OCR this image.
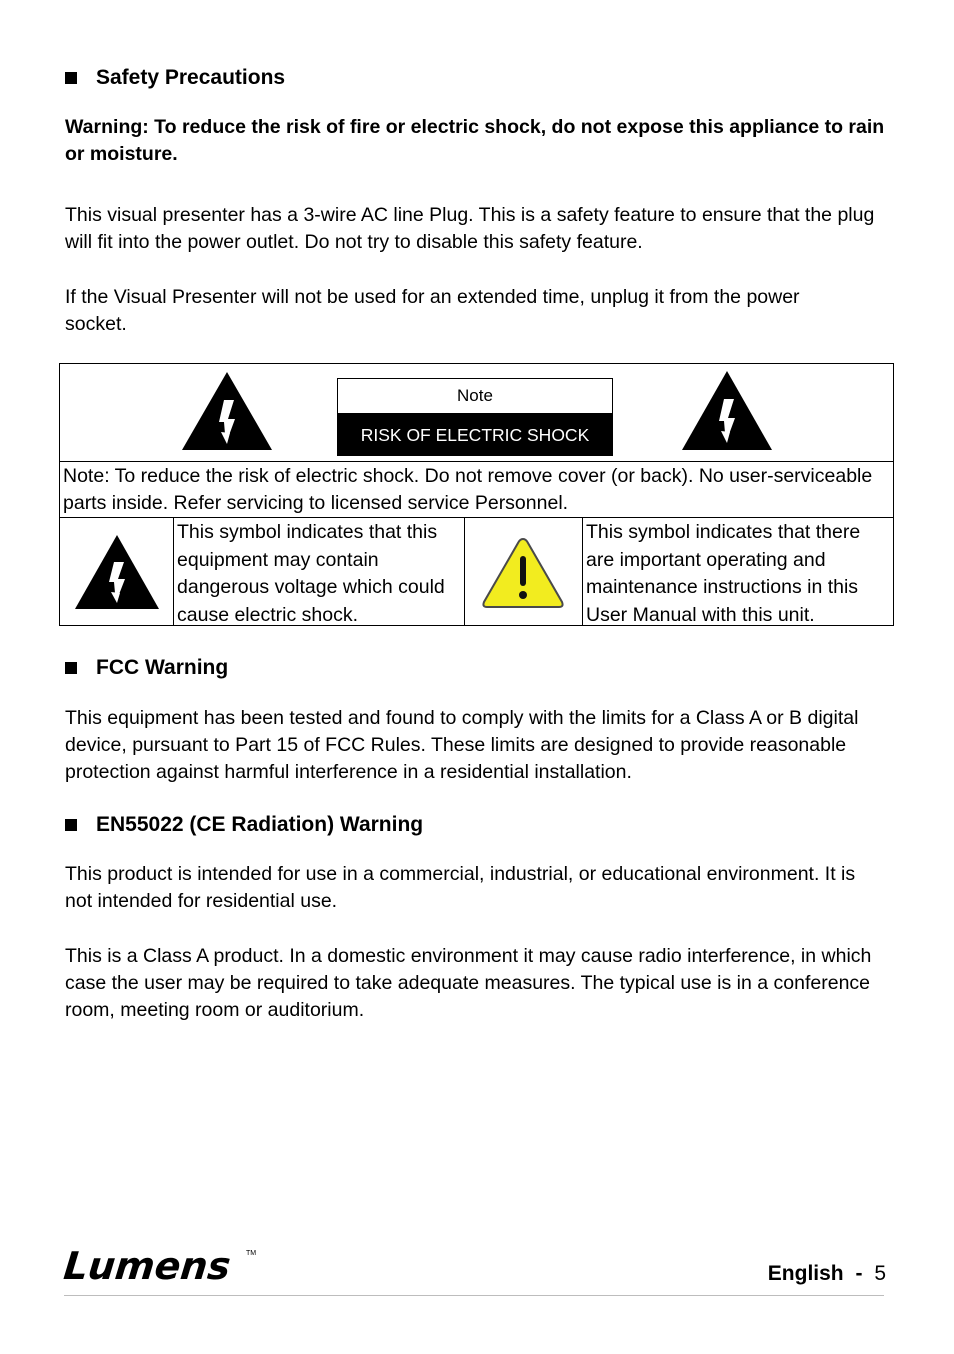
Safety Precautions
Warning: To reduce the risk of fire or electric shock, do not expose this appliance to rain or moisture.
This visual presenter has a 3-wire AC line Plug. This is a safety feature to ensure that the plug will fit into the power outlet. Do not try to disable this safety feature.
If the Visual Presenter will not be used for an extended time, unplug it from the power socket.
Note
RISK OF ELECTRIC SHOCK
Note: To reduce the risk of electric shock. Do not remove cover (or back). No user-serviceable parts inside. Refer servicing to licensed service Personnel.
This symbol indicates that this equipment may contain dangerous voltage which could cause electric shock.
This symbol indicates that there are important operating and maintenance instructions in this User Manual with this unit.
FCC Warning
This equipment has been tested and found to comply with the limits for a Class A or B digital device, pursuant to Part 15 of FCC Rules. These limits are designed to provide reasonable protection against harmful interference in a residential installation.
EN55022 (CE Radiation) Warning
This product is intended for use in a commercial, industrial, or educational environment. It is not intended for residential use.
This is a Class A product. In a domestic environment it may cause radio interference, in which case the user may be required to take adequate measures. The typical use is in a conference room, meeting room or auditorium.
Lumens TM
English - 5
